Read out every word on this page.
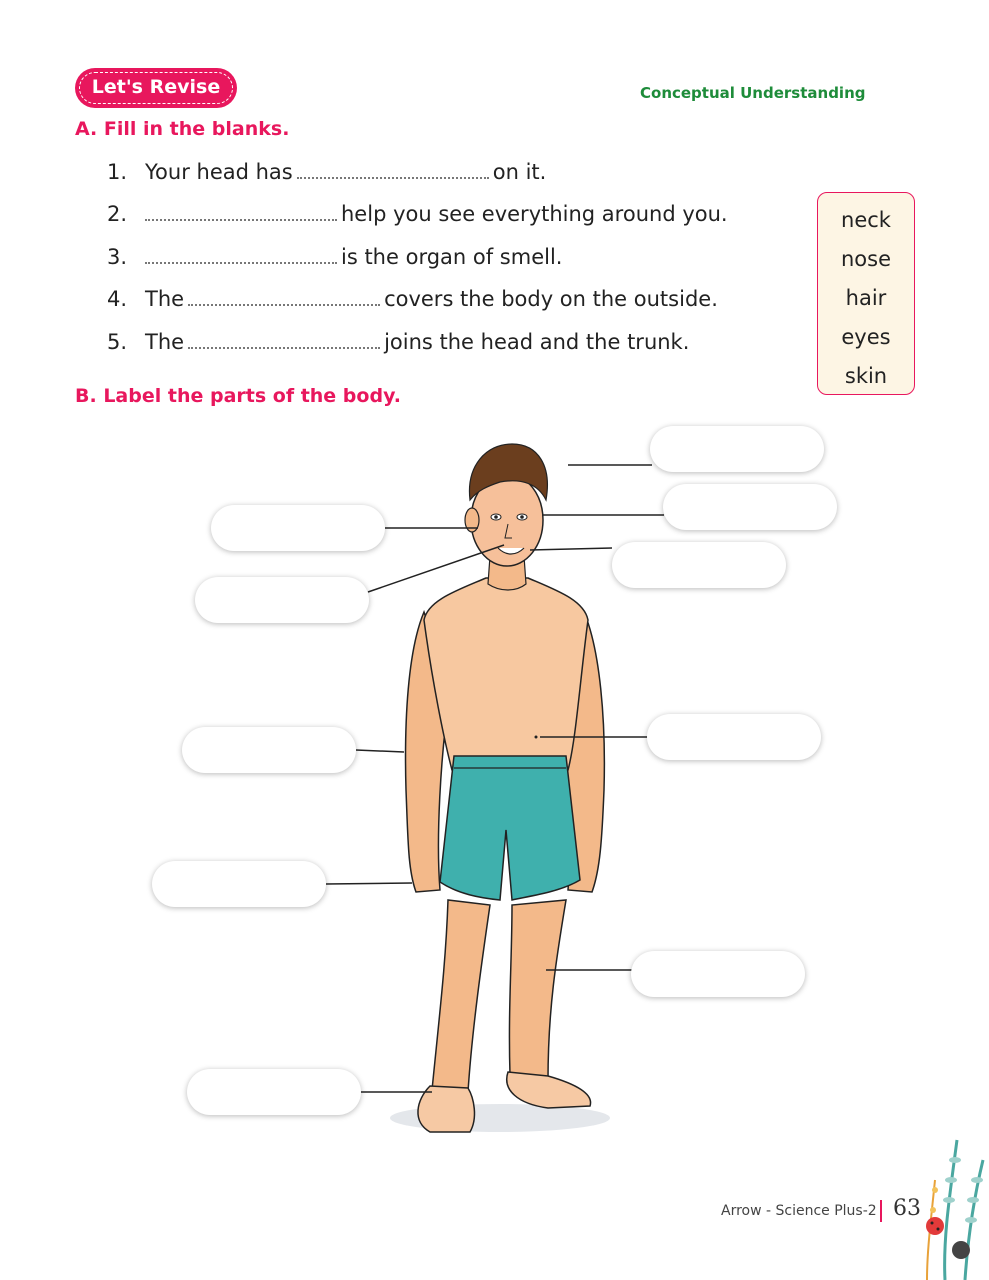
Let's Revise	Conceptual Understanding
A. Fill in the blanks.
1. Your head has	on it.
2.	help you see everything around you.
3.	is the organ of smell.
4. The	covers the body on the outside.
5. The	joins the head and the trunk.
neck
nose
hair
eyes
skin
B. Label the parts of the body.
Arrow - Science Plus-2 63
